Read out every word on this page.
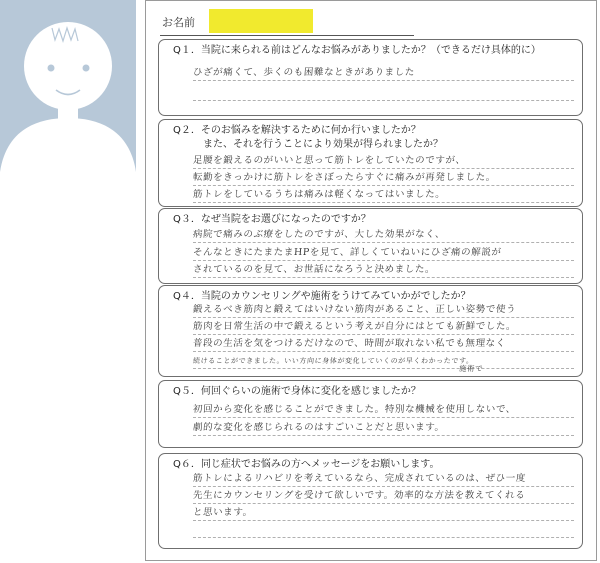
お名前
Q１．当院に来られる前はどんなお悩みがありましたか？（できるだけ具体的に）
ひざが痛くて、歩くのも困難なときがありました
Q２．そのお悩みを解決するために何か行いましたか？
　　　また、それを行うことにより効果が得られましたか？
足腰を鍛えるのがいいと思って筋トレをしていたのですが、
転勤をきっかけに筋トレをさぼったらすぐに痛みが再発しました。
筋トレをしているうちは痛みは軽くなってはいました。
Q３．なぜ当院をお選びになったのですか？
病院で痛みのぶ療をしたのですが、大した効果がなく、
そんなときにたまたまHPを見て、詳しくていねいにひざ痛の解説が
されているのを見て、お世話になろうと決めました。
Q４．当院のカウンセリングや施術をうけてみていかがでしたか？
鍛えるべき筋肉と鍛えてはいけない筋肉があること、正しい姿勢で使う
筋肉を日常生活の中で鍛えるという考えが自分にはとても新鮮でした。
普段の生活を気をつけるだけなので、時間が取れない私でも無理なく
続けることができました。いい方向に身体が変化していくのが早くわかったです。
施術で
Q５．何回ぐらいの施術で身体に変化を感じましたか？
初回から変化を感じることができました。特別な機械を使用しないで、
劇的な変化を感じられるのはすごいことだと思います。
Q６．同じ症状でお悩みの方へメッセージをお願いします。
筋トレによるリハビリを考えているなら、完成されているのは、ぜひ一度
先生にカウンセリングを受けて欲しいです。効率的な方法を教えてくれる
と思います。
